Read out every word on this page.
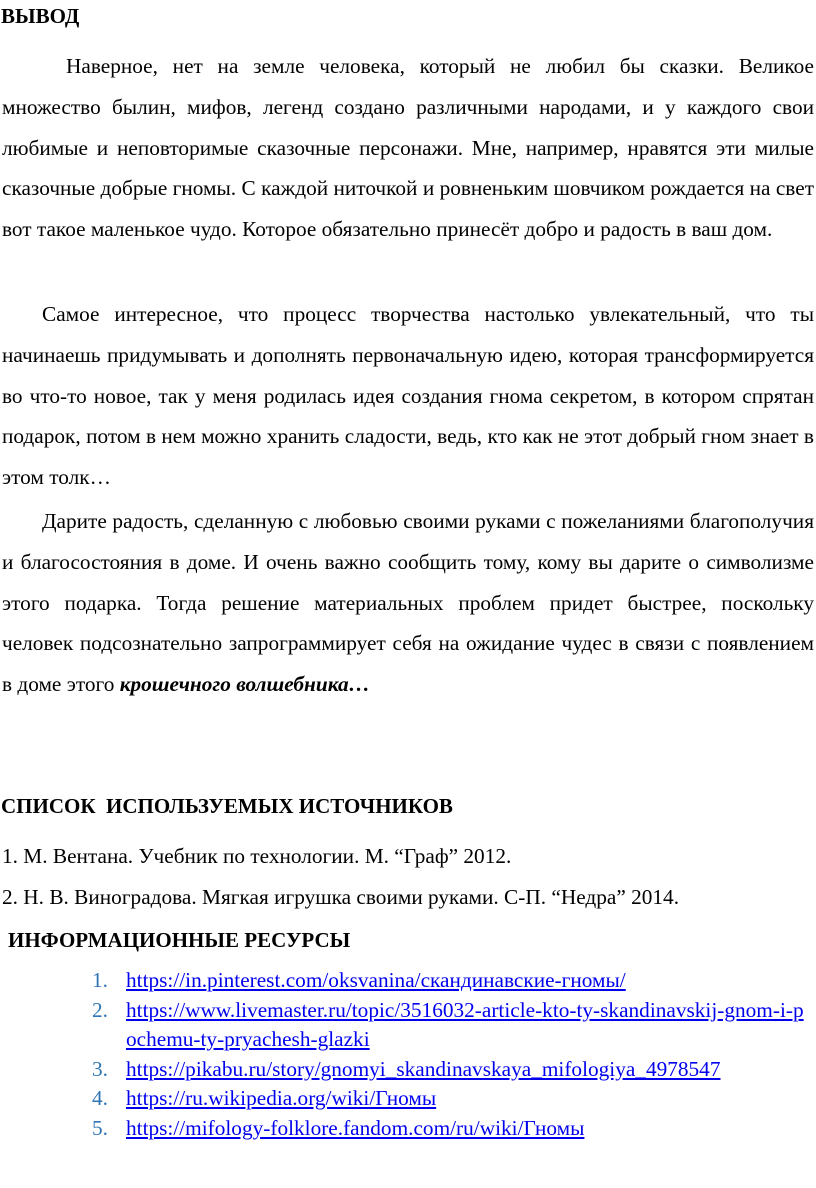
ВЫВОД

Наверное, нет на земле человека, который не любил бы сказки. Великое множество былин, мифов, легенд создано различными народами, и у каждого свои любимые и неповторимые сказочные персонажи. Мне, например, нравятся эти милые сказочные добрые гномы. С каждой ниточкой и ровненьким шовчиком рождается на свет вот такое маленькое чудо. Которое обязательно принесёт добро и радость в ваш дом.

Самое интересное, что процесс творчества настолько увлекательный, что ты начинаешь придумывать и дополнять первоначальную идею, которая трансформируется во что-то новое, так у меня родилась идея создания гнома секретом, в котором спрятан подарок, потом в нем можно хранить сладости, ведь, кто как не этот добрый гном знает в этом толк…

Дарите радость, сделанную с любовью своими руками с пожеланиями благополучия и благосостояния в доме. И очень важно сообщить тому, кому вы дарите о символизме этого подарка. Тогда решение материальных проблем придет быстрее, поскольку человек подсознательно запрограммирует себя на ожидание чудес в связи с появлением в доме этого крошечного волшебника…

СПИСОК  ИСПОЛЬЗУЕМЫХ ИСТОЧНИКОВ
1. М. Вентана. Учебник по технологии. М. “Граф” 2012.
2. Н. В. Виноградова. Мягкая игрушка своими руками. С-П. “Недра” 2014.
ИНФОРМАЦИОННЫЕ РЕСУРСЫ
1. https://in.pinterest.com/oksvanina/скандинавские-гномы/
2. https://www.livemaster.ru/topic/3516032-article-kto-ty-skandinavskij-gnom-i-pochemu-ty-pryachesh-glazki
3. https://pikabu.ru/story/gnomyi_skandinavskaya_mifologiya_4978547
4. https://ru.wikipedia.org/wiki/Гномы
5. https://mifology-folklore.fandom.com/ru/wiki/Гномы
